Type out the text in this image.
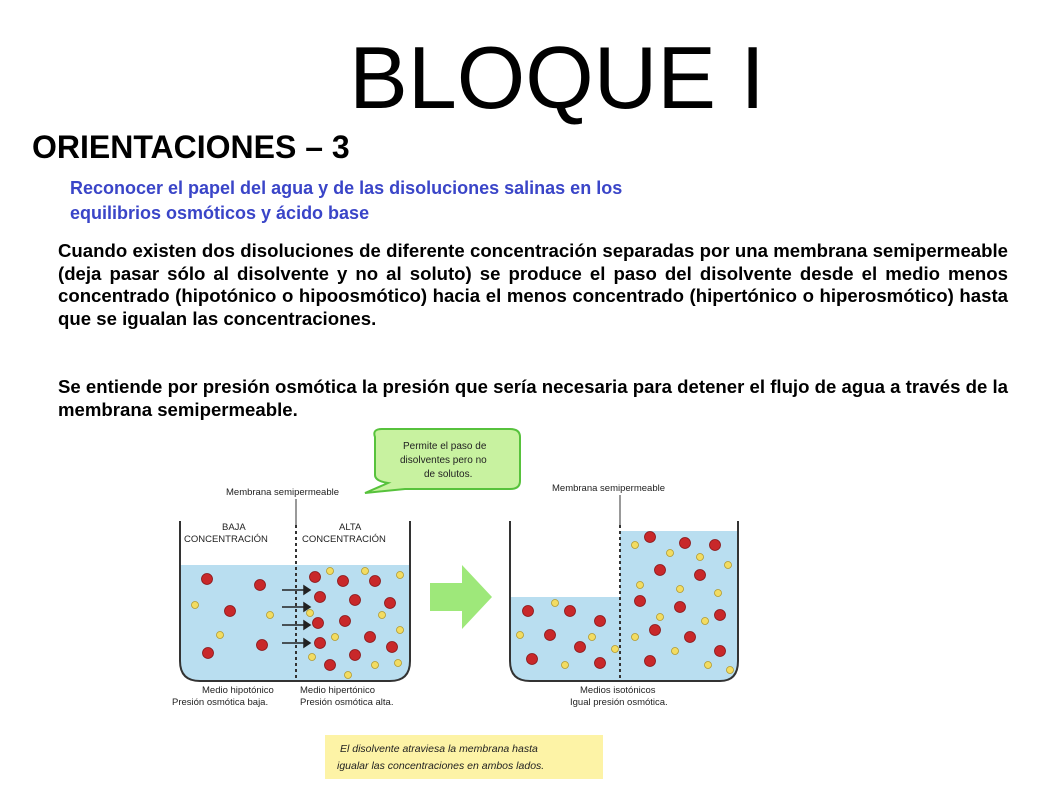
BLOQUE I
ORIENTACIONES – 3
Reconocer el papel del agua y de las disoluciones salinas en los
equilibrios osmóticos y ácido base
Cuando existen dos disoluciones de diferente concentración separadas por una membrana semipermeable (deja pasar sólo al disolvente y no al soluto) se produce el paso del disolvente desde el medio menos concentrado (hipotónico o hipoosmótico) hacia el menos concentrado (hipertónico o hiperosmótico) hasta que se igualan las concentraciones.
Se entiende por presión osmótica la presión que sería necesaria para detener el flujo de agua a través de la membrana semipermeable.
Permite el paso de
disolventes pero no
de solutos.
Membrana semipermeable
BAJA
CONCENTRACIÓN
ALTA
CONCENTRACIÓN
Membrana semipermeable
Medio hipotónico
Presión osmótica baja.
Medio hipertónico
Presión osmótica alta.
Medios isotónicos
Igual presión osmótica.
El disolvente atraviesa la membrana hasta
igualar las concentraciones en ambos lados.
